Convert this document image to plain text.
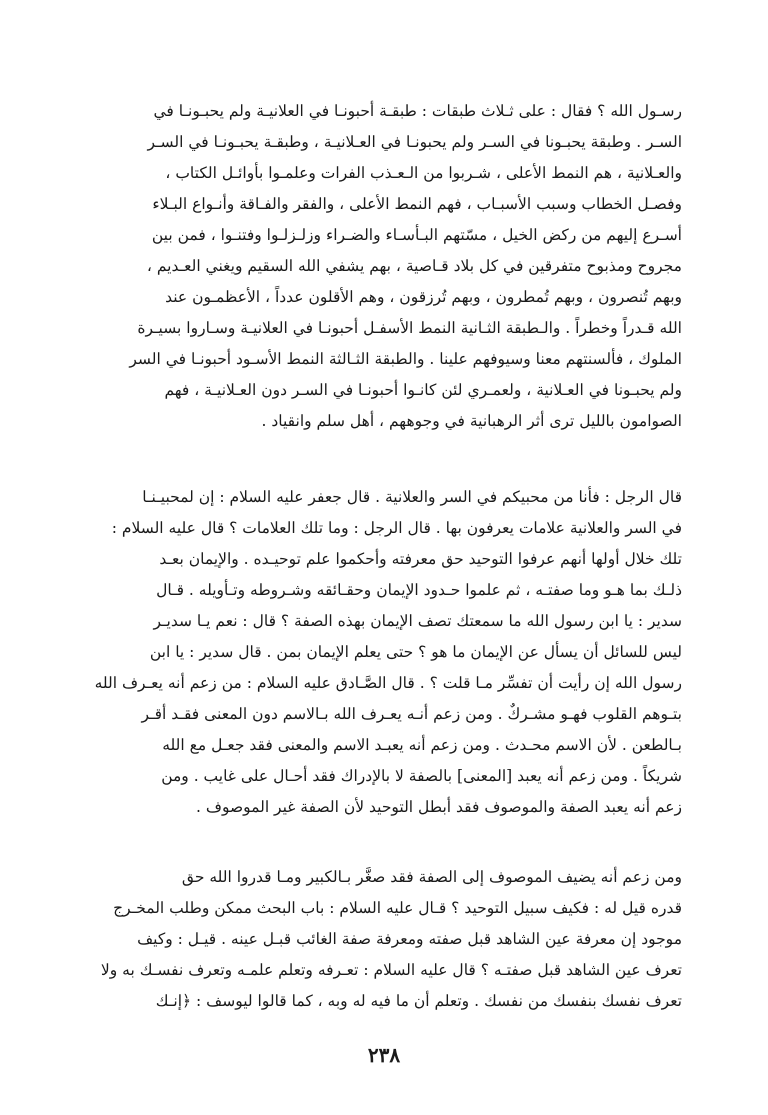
رسـول الله ؟ فقال : على ثـلاث طبقات : طبقـة أحبونـا في العلانيـة ولم يحبـونـا في
السـر . وطبقة يحبـونا في السـر ولم يحبونـا في العـلانيـة ، وطبقـة يحبـونـا في السـر
والعـلانية ، هم النمط الأعلى ، شـربوا من الـعـذب الفرات وعلمـوا بأوائـل الكتاب ،
وفصـل الخطاب وسبب الأسبـاب ، فهم النمط الأعلى ، والفقر والفـاقة وأنـواع البـلاء
أسـرع إليهم من ركض الخيل ، مسّتهم البـأسـاء والضـراء وزلـزلـوا وفتنـوا ، فمن بين
مجروح ومذبوح متفرقين في كل بلاد قـاصية ، بهم يشفي الله السقيم ويغني العـديم ،
وبهم تُنصرون ، وبهم تُمطرون ، وبهم تُرزقون ، وهم الأقلون عدداً ، الأعظمـون عند
الله قـدراً وخطراً . والـطبقة الثـانية النمط الأسفـل أحبونـا في العلانيـة وسـاروا بسيـرة
الملوك ، فألسنتهم معنا وسيوفهم علينا . والطبقة الثـالثة النمط الأسـود أحبونـا في السر
ولم يحبـونا في العـلانية ، ولعمـري لئن كانـوا أحبونـا في السـر دون العـلانيـة ، فهم
الصوامون بالليل ترى أثر الرهبانية في وجوههم ، أهل سلم وانقياد .
قال الرجل : فأنا من محبيكم في السر والعلانية . قال جعفر عليه السلام : إن لمحبيـنـا
في السر والعلانية علامات يعرفون بها . قال الرجل : وما تلك العلامات ؟ قال عليه السلام :
تلك خلال أولها أنهم عرفوا التوحيد حق معرفته وأحكموا علم توحيـده . والإيمان بعـد
ذلـك بما هـو وما صفتـه ، ثم علموا حـدود الإيمان وحقـائقه وشـروطه وتـأويله . قـال
سدير : يا ابن رسول الله ما سمعتك تصف الإيمان بهذه الصفة ؟ قال : نعم يـا سديـر
ليس للسائل أن يسأل عن الإيمان ما هو ؟ حتى يعلم الإيمان بمن . قال سدير : يا ابن
رسول الله إن رأيت أن تفسِّر مـا قلت ؟ . قال الصَّـادق عليه السلام : من زعم أنه يعـرف الله
بتـوهم القلوب فهـو مشـركٌ . ومن زعم أنـه يعـرف الله بـالاسم دون المعنى فقـد أقـر
بـالطعن . لأن الاسم محـدث . ومن زعم أنه يعبـد الاسم والمعنى فقد جعـل مع الله
شريكاً . ومن زعم أنه يعبد [المعنى] بالصفة لا بالإدراك فقد أحـال على غايب . ومن
زعم أنه يعبد الصفة والموصوف فقد أبطل التوحيد لأن الصفة غير الموصوف .
ومن زعم أنه يضيف الموصوف إلى الصفة فقد صغَّر بـالكبير ومـا قدروا الله حق
قدره قيل له : فكيف سبيل التوحيد ؟ قـال عليه السلام : باب البحث ممكن وطلب المخـرج
موجود إن معرفة عين الشاهد قبل صفته ومعرفة صفة الغائب قبـل عينه . قيـل : وكيف
تعرف عين الشاهد قبل صفتـه ؟ قال عليه السلام : تعـرفه وتعلم علمـه وتعرف نفسـك به ولا
تعرف نفسك بنفسك من نفسك . وتعلم أن ما فيه له وبه ، كما قالوا ليوسف : ﴿إنـك
٢٣٨
